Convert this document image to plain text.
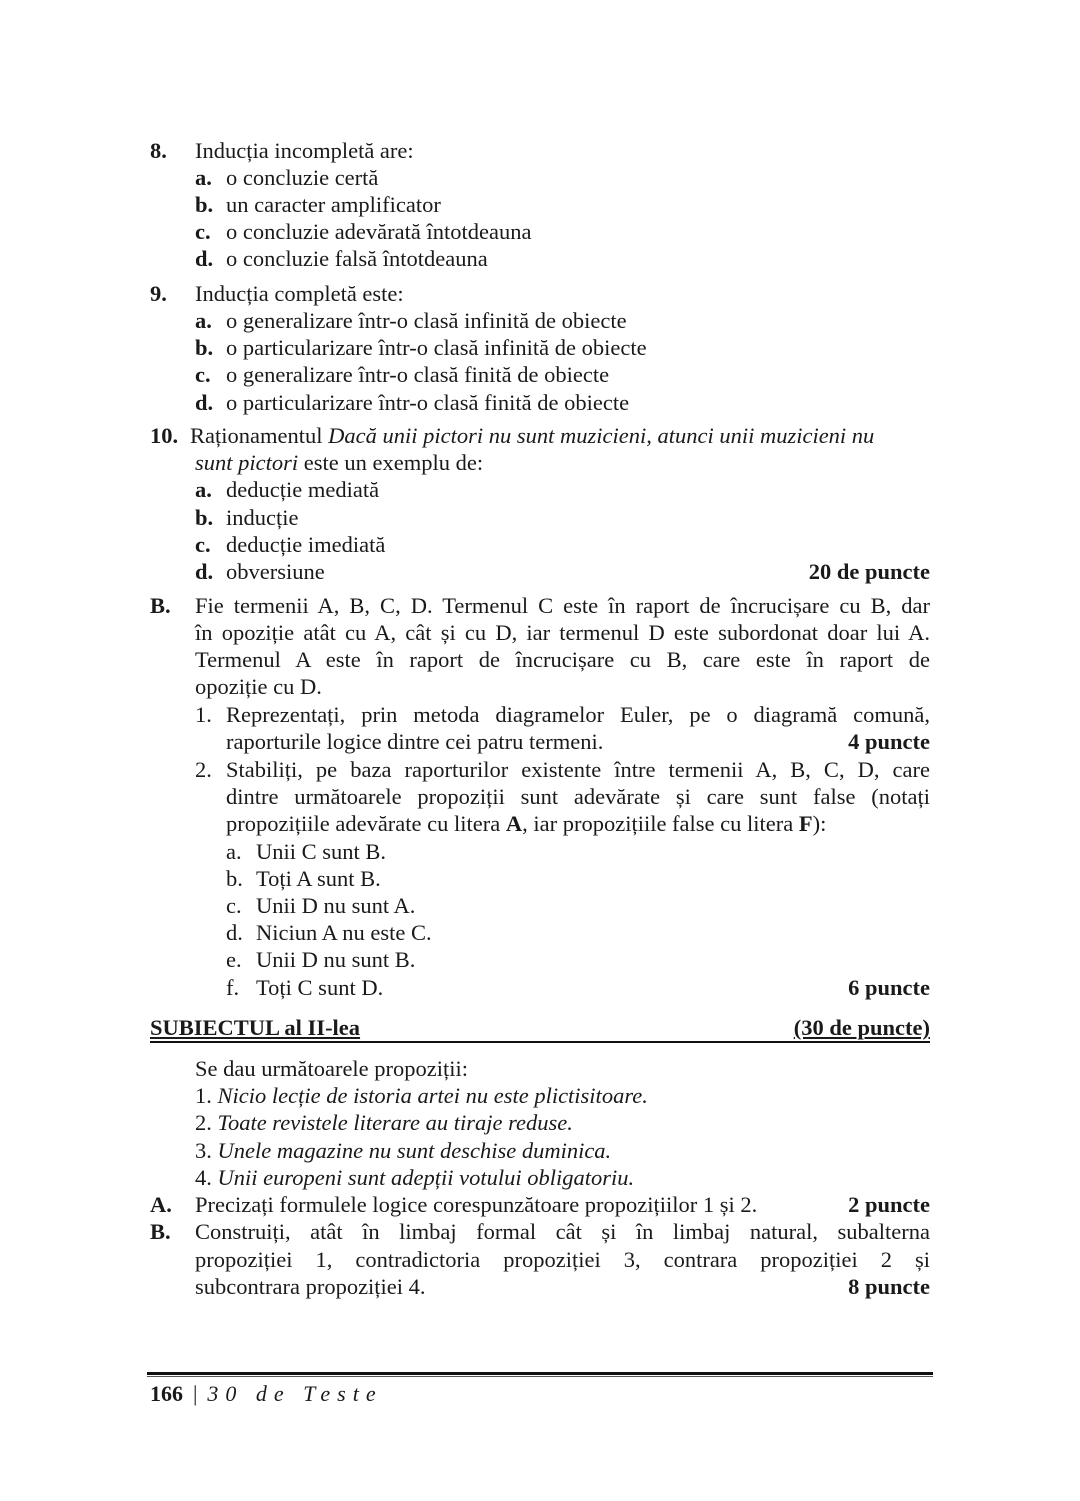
8. Inducția incompletă are:
a. o concluzie certă
b. un caracter amplificator
c. o concluzie adevărată întotdeauna
d. o concluzie falsă întotdeauna
9. Inducția completă este:
a. o generalizare într-o clasă infinită de obiecte
b. o particularizare într-o clasă infinită de obiecte
c. o generalizare într-o clasă finită de obiecte
d. o particularizare într-o clasă finită de obiecte
10. Raționamentul Dacă unii pictori nu sunt muzicieni, atunci unii muzicieni nu
sunt pictori este un exemplu de:
a. deducție mediată
b. inducție
c. deducție imediată
d. obversiune	20 de puncte
B. Fie termenii A, B, C, D. Termenul C este în raport de încrucișare cu B, dar
în opoziție atât cu A, cât și cu D, iar termenul D este subordonat doar lui A.
Termenul A este în raport de încrucișare cu B, care este în raport de
opoziție cu D.
1. Reprezentați, prin metoda diagramelor Euler, pe o diagramă comună,
raporturile logice dintre cei patru termeni.	4 puncte
2. Stabiliți, pe baza raporturilor existente între termenii A, B, C, D, care
dintre următoarele propoziții sunt adevărate și care sunt false (notați
propozițiile adevărate cu litera A, iar propozițiile false cu litera F):
a. Unii C sunt B.
b. Toți A sunt B.
c. Unii D nu sunt A.
d. Niciun A nu este C.
e. Unii D nu sunt B.
f. Toți C sunt D.	6 puncte
SUBIECTUL al II-lea	(30 de puncte)
Se dau următoarele propoziții:
1. Nicio lecție de istoria artei nu este plictisitoare.
2. Toate revistele literare au tiraje reduse.
3. Unele magazine nu sunt deschise duminica.
4. Unii europeni sunt adepții votului obligatoriu.
A. Precizați formulele logice corespunzătoare propozițiilor 1 și 2.	2 puncte
B. Construiți, atât în limbaj formal cât și în limbaj natural, subalterna
propoziției 1, contradictoria propoziției 3, contrara propoziției 2 și
subcontrara propoziției 4.	8 puncte
166 | 30 de Teste
